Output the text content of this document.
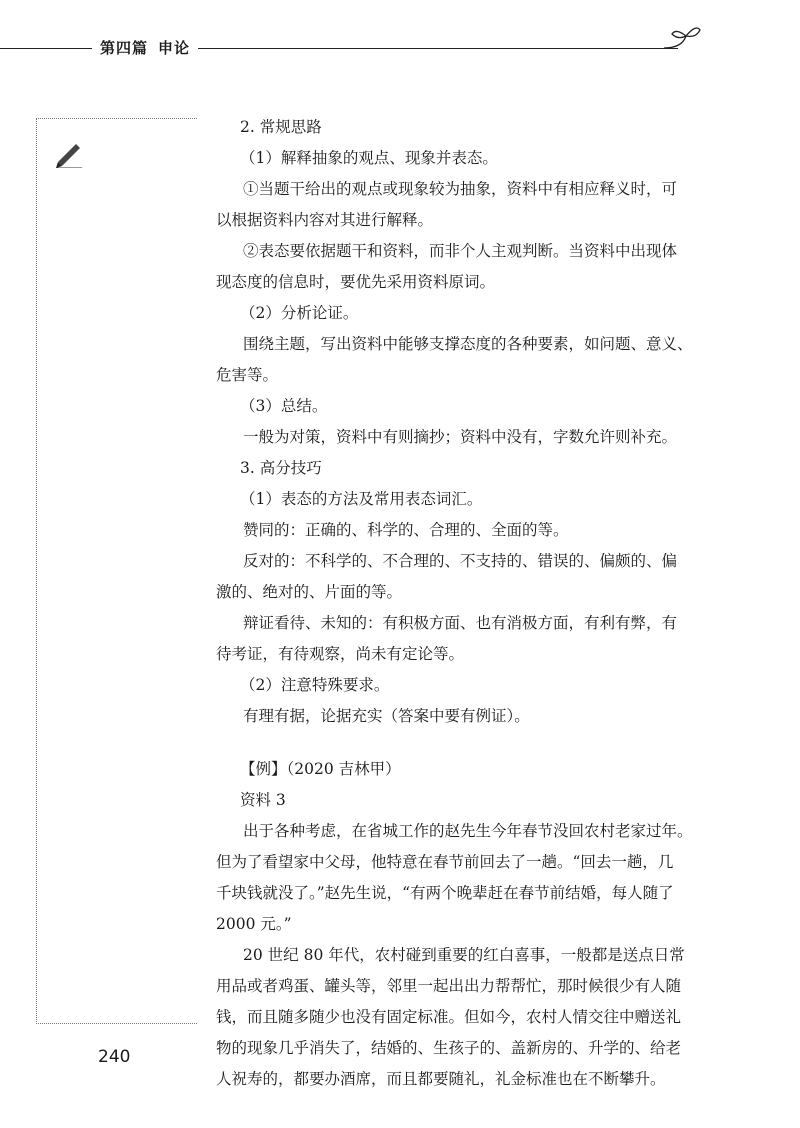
第四篇 申论
2. 常规思路
（1）解释抽象的观点、现象并表态。
①当题干给出的观点或现象较为抽象，资料中有相应释义时，可
以根据资料内容对其进行解释。
②表态要依据题干和资料，而非个人主观判断。当资料中出现体
现态度的信息时，要优先采用资料原词。
（2）分析论证。
围绕主题，写出资料中能够支撑态度的各种要素，如问题、意义、
危害等。
（3）总结。
一般为对策，资料中有则摘抄；资料中没有，字数允许则补充。
3. 高分技巧
（1）表态的方法及常用表态词汇。
赞同的：正确的、科学的、合理的、全面的等。
反对的：不科学的、不合理的、不支持的、错误的、偏颇的、偏
激的、绝对的、片面的等。
辩证看待、未知的：有积极方面、也有消极方面，有利有弊，有
待考证，有待观察，尚未有定论等。
（2）注意特殊要求。
有理有据，论据充实（答案中要有例证）。
【例】（2020 吉林甲）
资料 3
出于各种考虑，在省城工作的赵先生今年春节没回农村老家过年。
但为了看望家中父母，他特意在春节前回去了一趟。“回去一趟，几
千块钱就没了。”赵先生说，“有两个晚辈赶在春节前结婚，每人随了
2000 元。”
20 世纪 80 年代，农村碰到重要的红白喜事，一般都是送点日常
用品或者鸡蛋、罐头等，邻里一起出出力帮帮忙，那时候很少有人随
钱，而且随多随少也没有固定标准。但如今，农村人情交往中赠送礼
物的现象几乎消失了，结婚的、生孩子的、盖新房的、升学的、给老
人祝寿的，都要办酒席，而且都要随礼，礼金标准也在不断攀升。
240
